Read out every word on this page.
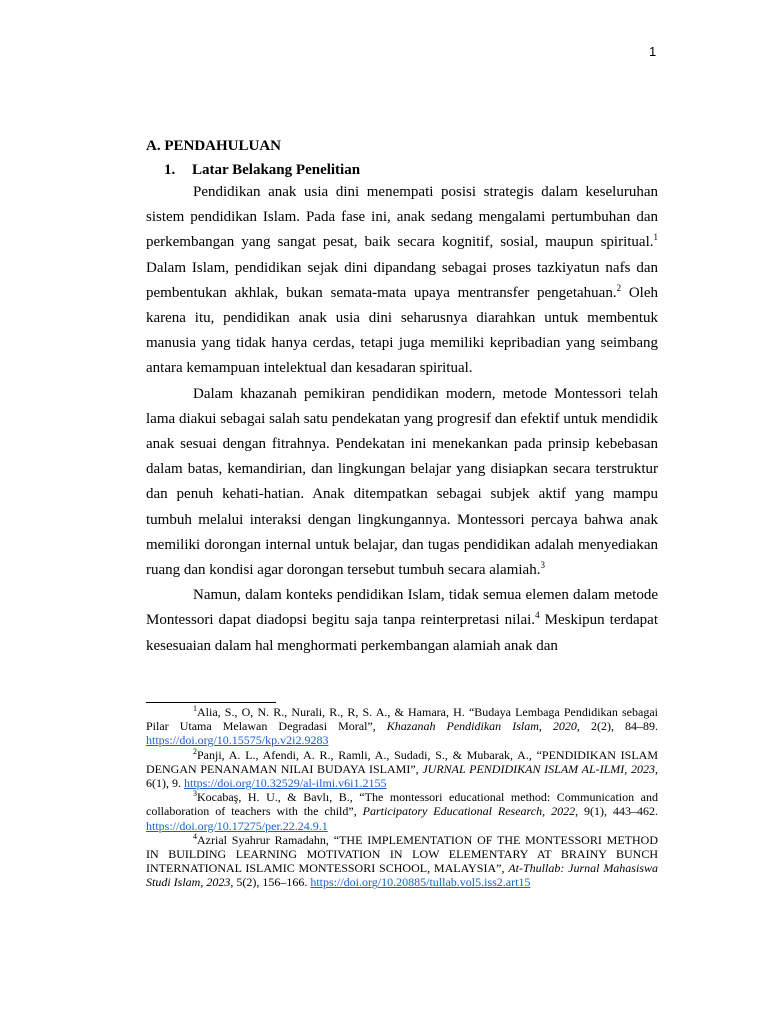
1
A. PENDAHULUAN
1. Latar Belakang Penelitian

Pendidikan anak usia dini menempati posisi strategis dalam keseluruhan sistem pendidikan Islam. Pada fase ini, anak sedang mengalami pertumbuhan dan perkembangan yang sangat pesat, baik secara kognitif, sosial, maupun spiritual.$^1$ Dalam Islam, pendidikan sejak dini dipandang sebagai proses tazkiyatun nafs dan pembentukan akhlak, bukan semata-mata upaya mentransfer pengetahuan.$^2$ Oleh karena itu, pendidikan anak usia dini seharusnya diarahkan untuk membentuk manusia yang tidak hanya cerdas, tetapi juga memiliki kepribadian yang seimbang antara kemampuan intelektual dan kesadaran spiritual.

Dalam khazanah pemikiran pendidikan modern, metode Montessori telah lama diakui sebagai salah satu pendekatan yang progresif dan efektif untuk mendidik anak sesuai dengan fitrahnya. Pendekatan ini menekankan pada prinsip kebebasan dalam batas, kemandirian, dan lingkungan belajar yang disiapkan secara terstruktur dan penuh kehati-hatian. Anak ditempatkan sebagai subjek aktif yang mampu tumbuh melalui interaksi dengan lingkungannya. Montessori percaya bahwa anak memiliki dorongan internal untuk belajar, dan tugas pendidikan adalah menyediakan ruang dan kondisi agar dorongan tersebut tumbuh secara alamiah.$^3$

Namun, dalam konteks pendidikan Islam, tidak semua elemen dalam metode Montessori dapat diadopsi begitu saja tanpa reinterpretasi nilai.$^4$ Meskipun terdapat kesesuaian dalam hal menghormati perkembangan alamiah anak dan

$^1$Alia, S., O, N. R., Nurali, R., R, S. A., & Hamara, H. “Budaya Lembaga Pendidikan sebagai Pilar Utama Melawan Degradasi Moral”, Khazanah Pendidikan Islam, 2020, 2(2), 84–89. https://doi.org/10.15575/kp.v2i2.9283

$^2$Panji, A. L., Afendi, A. R., Ramli, A., Sudadi, S., & Mubarak, A., “PENDIDIKAN ISLAM DENGAN PENANAMAN NILAI BUDAYA ISLAMI”, JURNAL PENDIDIKAN ISLAM AL-ILMI, 2023, 6(1), 9. https://doi.org/10.32529/al-ilmi.v6i1.2155

$^3$Kocabaş, H. U., & Bavlı, B., “The montessori educational method: Communication and collaboration of teachers with the child”, Participatory Educational Research, 2022, 9(1), 443–462. https://doi.org/10.17275/per.22.24.9.1

$^4$Azrial Syahrur Ramadahn, “THE IMPLEMENTATION OF THE MONTESSORI METHOD IN BUILDING LEARNING MOTIVATION IN LOW ELEMENTARY AT BRAINY BUNCH INTERNATIONAL ISLAMIC MONTESSORI SCHOOL, MALAYSIA”, At-Thullab: Jurnal Mahasiswa Studi Islam, 2023, 5(2), 156–166. https://doi.org/10.20885/tullab.vol5.iss2.art15
